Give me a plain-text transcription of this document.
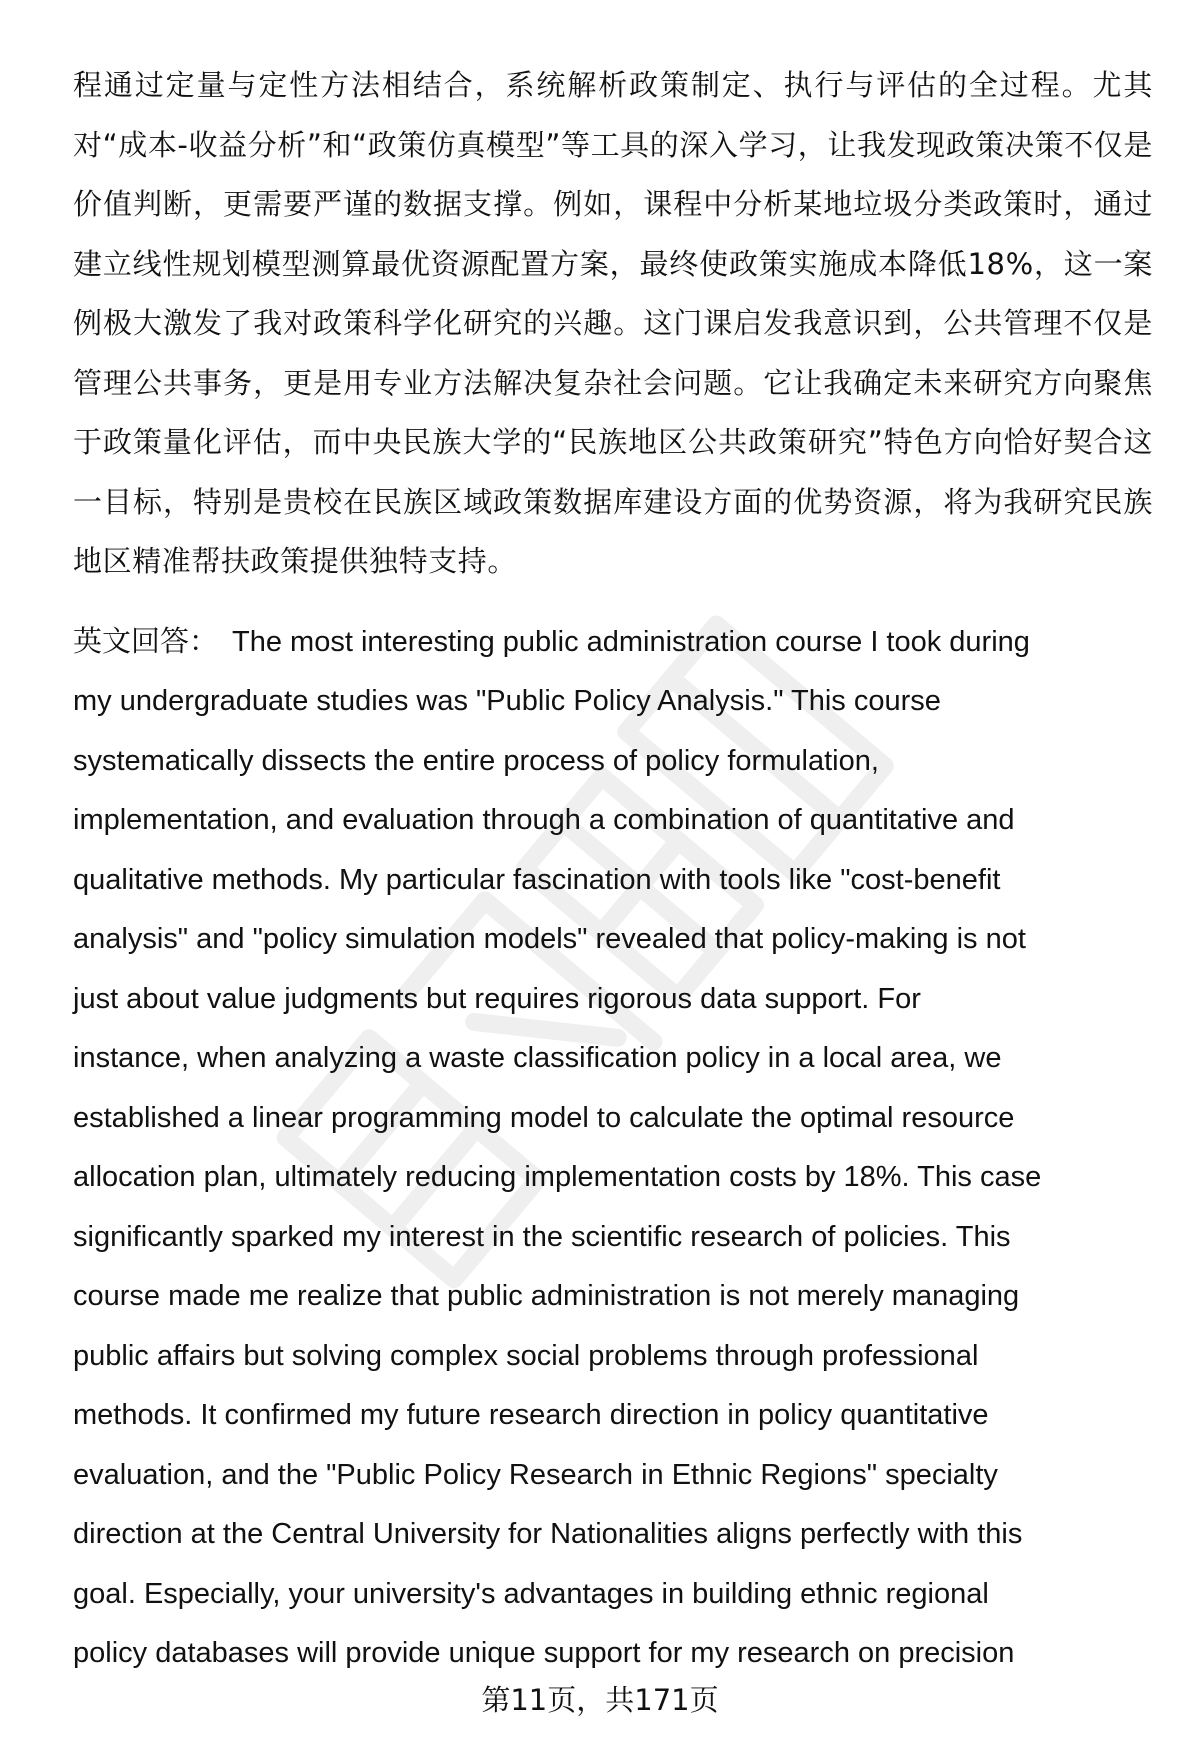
程通过定量与定性方法相结合，系统解析政策制定、执行与评估的全过程。尤其对“成本-收益分析”和“政策仿真模型”等工具的深入学习，让我发现政策决策不仅是价值判断，更需要严谨的数据支撑。例如，课程中分析某地垃圾分类政策时，通过建立线性规划模型测算最优资源配置方案，最终使政策实施成本降低18%，这一案例极大激发了我对政策科学化研究的兴趣。这门课启发我意识到，公共管理不仅是管理公共事务，更是用专业方法解决复杂社会问题。它让我确定未来研究方向聚焦于政策量化评估，而中央民族大学的“民族地区公共政策研究”特色方向恰好契合这一目标，特别是贵校在民族区域政策数据库建设方面的优势资源，将为我研究民族地区精准帮扶政策提供独特支持。

英文回答： The most interesting public administration course I took during
my undergraduate studies was "Public Policy Analysis." This course
systematically dissects the entire process of policy formulation,
implementation, and evaluation through a combination of quantitative and
qualitative methods. My particular fascination with tools like "cost-benefit
analysis" and "policy simulation models" revealed that policy-making is not
just about value judgments but requires rigorous data support. For
instance, when analyzing a waste classification policy in a local area, we
established a linear programming model to calculate the optimal resource
allocation plan, ultimately reducing implementation costs by 18%. This case
significantly sparked my interest in the scientific research of policies. This
course made me realize that public administration is not merely managing
public affairs but solving complex social problems through professional
methods. It confirmed my future research direction in policy quantitative
evaluation, and the "Public Policy Research in Ethnic Regions" specialty
direction at the Central University for Nationalities aligns perfectly with this
goal. Especially, your university's advantages in building ethnic regional
policy databases will provide unique support for my research on precision
第11页，共171页
